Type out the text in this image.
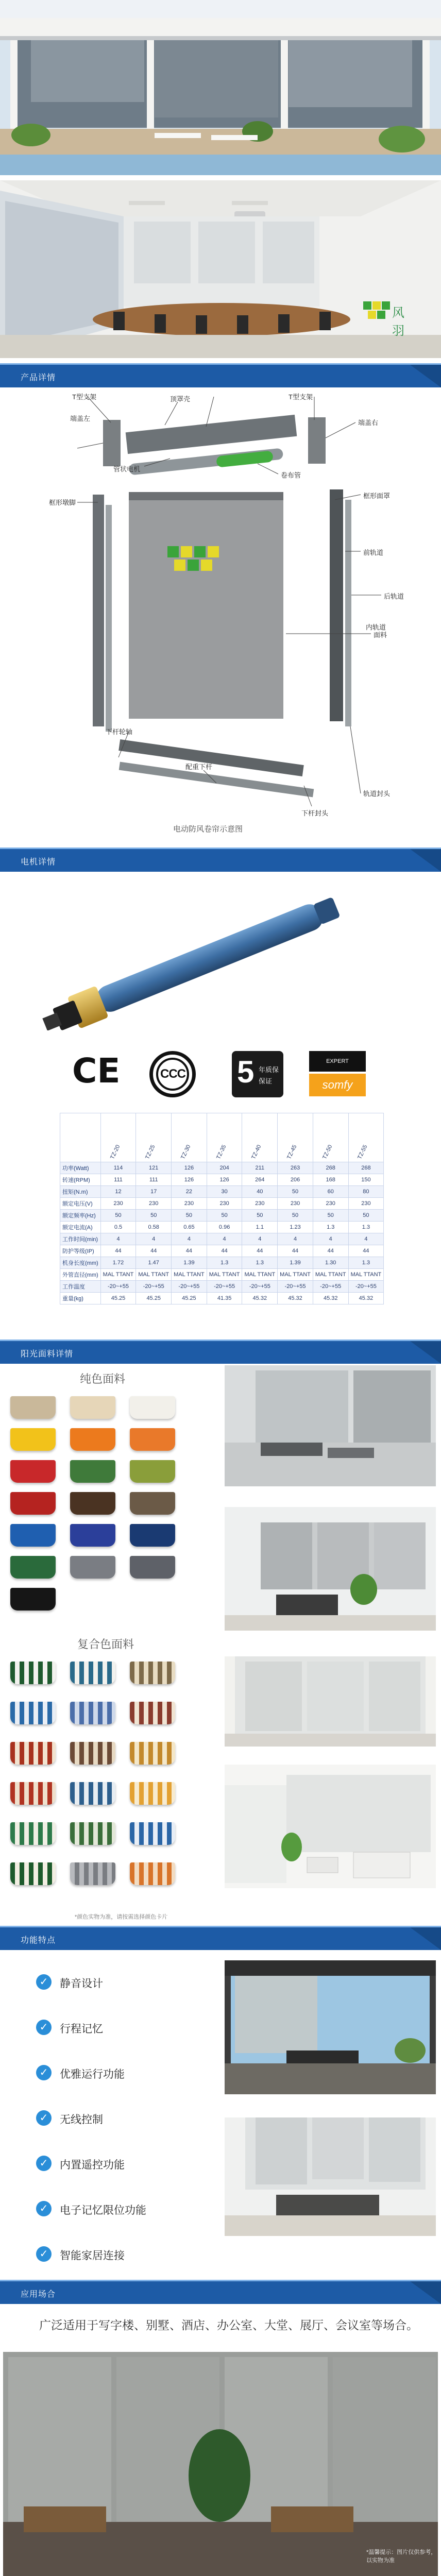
风羽
产品详情
端盖左
T型支架	顶罩壳	T型支架
端盖右
管状电机
卷布管
框形墩脚
框形面罩
前轨道
后轨道
内轨道
面料
下杆轮轴
配重下杆
下杆封头
轨道封头
电动防风卷帘示意图
电机详情
CE	CCC 5 年质保
保证
EXPERT
somfy
	TZ-20	TZ-25	TZ-30	TZ-35	TZ-40	TZ-45	TZ-50	TZ-55
功率(Watt)	114	121	126	204	211	263	268	268
转速(RPM)	111	111	126	126	264	206	168	150
扭矩(N.m)	12	17	22	30	40	50	60	80
额定电压(V)	230	230	230	230	230	230	230	230
额定频率(Hz)	50	50	50	50	50	50	50	50
额定电流(A)	0.5	0.58	0.65	0.96	1.1	1.23	1.3	1.3
工作时间(min)	4	4	4	4	4	4	4	4
防护等级(IP)	44	44	44	44	44	44	44	44
机身长度(mm)	1.72	1.47	1.39	1.3	1.3	1.39	1.30	1.3
外管直径(mm)	MAL TTANT	MAL TTANT	MAL TTANT	MAL TTANT	MAL TTANT	MAL TTANT	MAL TTANT	MAL TTANT
工作温度	-20~+55	-20~+55	-20~+55	-20~+55	-20~+55	-20~+55	-20~+55	-20~+55
重量(kg)	45.25	45.25	45.25	41.35	45.32	45.32	45.32	45.32
阳光面料详情
纯色面料
复合色面料
*颜色实物为准，请按需选择颜色卡片
功能特点
✓	静音设计
✓	行程记忆
✓	优雅运行功能
✓	无线控制
✓	内置遥控功能
✓	电子记忆限位功能
✓	智能家居连接
应用场合
广泛适用于写字楼、别墅、酒店、办公室、大堂、展厅、会议室等场合。
*温馨提示：图片仅供参考，以实物为准
